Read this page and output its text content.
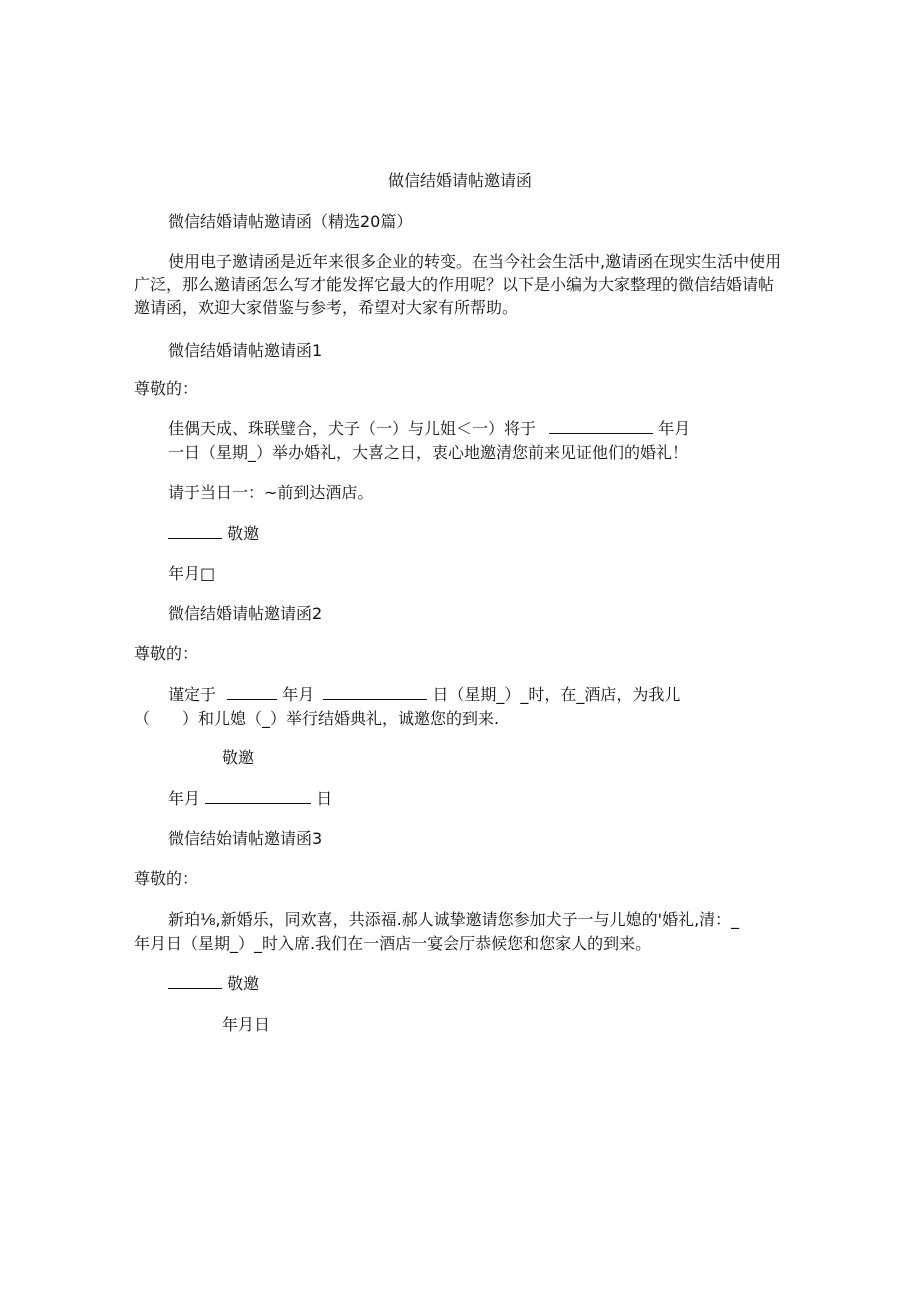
做信结婚请帖邀请函
微信结婚请帖邀请函（精选20篇）
使用电子邀请函是近年来很多企业的转变。在当今社会生活中,邀请函在现实生活中使用广泛，那么邀请函怎么写才能发挥它最大的作用呢？以下是小编为大家整理的微信结婚请帖邀请函，欢迎大家借鉴与参考，希望对大家有所帮助。
微信结婚请帖邀请函1
尊敬的：
佳偶天成、珠联璧合，犬子（一）与儿姐＜一）将于	年月
一日（星期_）举办婚礼，大喜之日，衷心地邀清您前来见证他们的婚礼！
请于当日一：~前到达酒店。
敬邀
年月□
微信结婚请帖邀请函2
尊敬的：
谨定于	年月	日（星期_）_时，在_酒店，为我儿
（　　）和儿媳（_）举行结婚典礼，诚邀您的到来.
敬邀
年月	日
微信结始请帖邀请函3
尊敬的：
新珀⅛,新婚乐，同欢喜，共添福.郝人诚挚邀请您参加犬子一与儿媳的'婚礼,清：_
年月日（星期_）_时入席.我们在一酒店一宴会厅恭候您和您家人的到来。
敬邀
年月日
